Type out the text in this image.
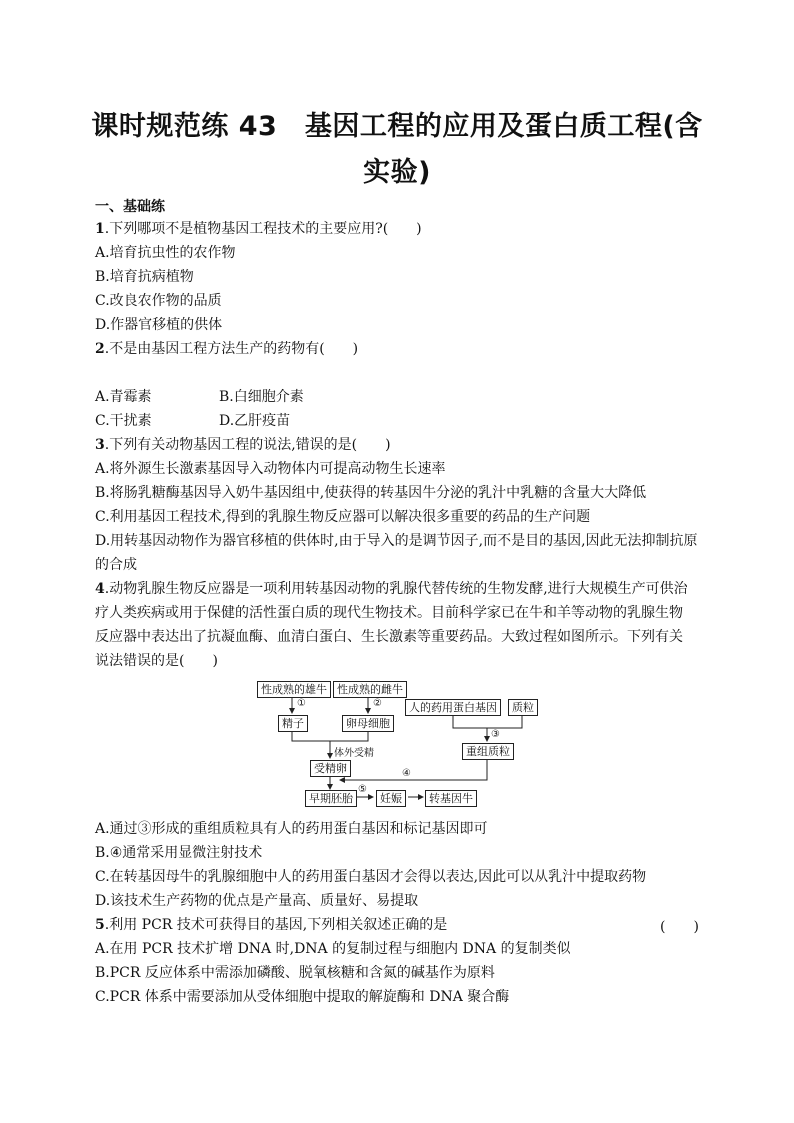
课时规范练 43　基因工程的应用及蛋白质工程(含
实验)
一、基础练
1.下列哪项不是植物基因工程技术的主要应用?(　　)
A.培育抗虫性的农作物
B.培育抗病植物
C.改良农作物的品质
D.作器官移植的供体
2.不是由基因工程方法生产的药物有(　　)
A.青霉素	B.白细胞介素
C.干扰素	D.乙肝疫苗
3.下列有关动物基因工程的说法,错误的是(　　)
A.将外源生长激素基因导入动物体内可提高动物生长速率
B.将肠乳糖酶基因导入奶牛基因组中,使获得的转基因牛分泌的乳汁中乳糖的含量大大降低
C.利用基因工程技术,得到的乳腺生物反应器可以解决很多重要的药品的生产问题
D.用转基因动物作为器官移植的供体时,由于导入的是调节因子,而不是目的基因,因此无法抑制抗原
的合成
4.动物乳腺生物反应器是一项利用转基因动物的乳腺代替传统的生物发酵,进行大规模生产可供治
疗人类疾病或用于保健的活性蛋白质的现代生物技术。目前科学家已在牛和羊等动物的乳腺生物
反应器中表达出了抗凝血酶、血清白蛋白、生长激素等重要药品。大致过程如图所示。下列有关
说法错误的是(　　)
性成熟的雄牛 性成熟的雌牛
①	②
精子	卵母细胞
人的药用蛋白基因	质粒
③
重组质粒
体外受精
受精卵	④
早期胚胎
⑤
妊娠	转基因牛
A.通过③形成的重组质粒具有人的药用蛋白基因和标记基因即可
B.④通常采用显微注射技术
C.在转基因母牛的乳腺细胞中人的药用蛋白基因才会得以表达,因此可以从乳汁中提取药物
D.该技术生产药物的优点是产量高、质量好、易提取
5.利用 PCR 技术可获得目的基因,下列相关叙述正确的是	(　　)
A.在用 PCR 技术扩增 DNA 时,DNA 的复制过程与细胞内 DNA 的复制类似
B.PCR 反应体系中需添加磷酸、脱氧核糖和含氮的碱基作为原料
C.PCR 体系中需要添加从受体细胞中提取的解旋酶和 DNA 聚合酶
